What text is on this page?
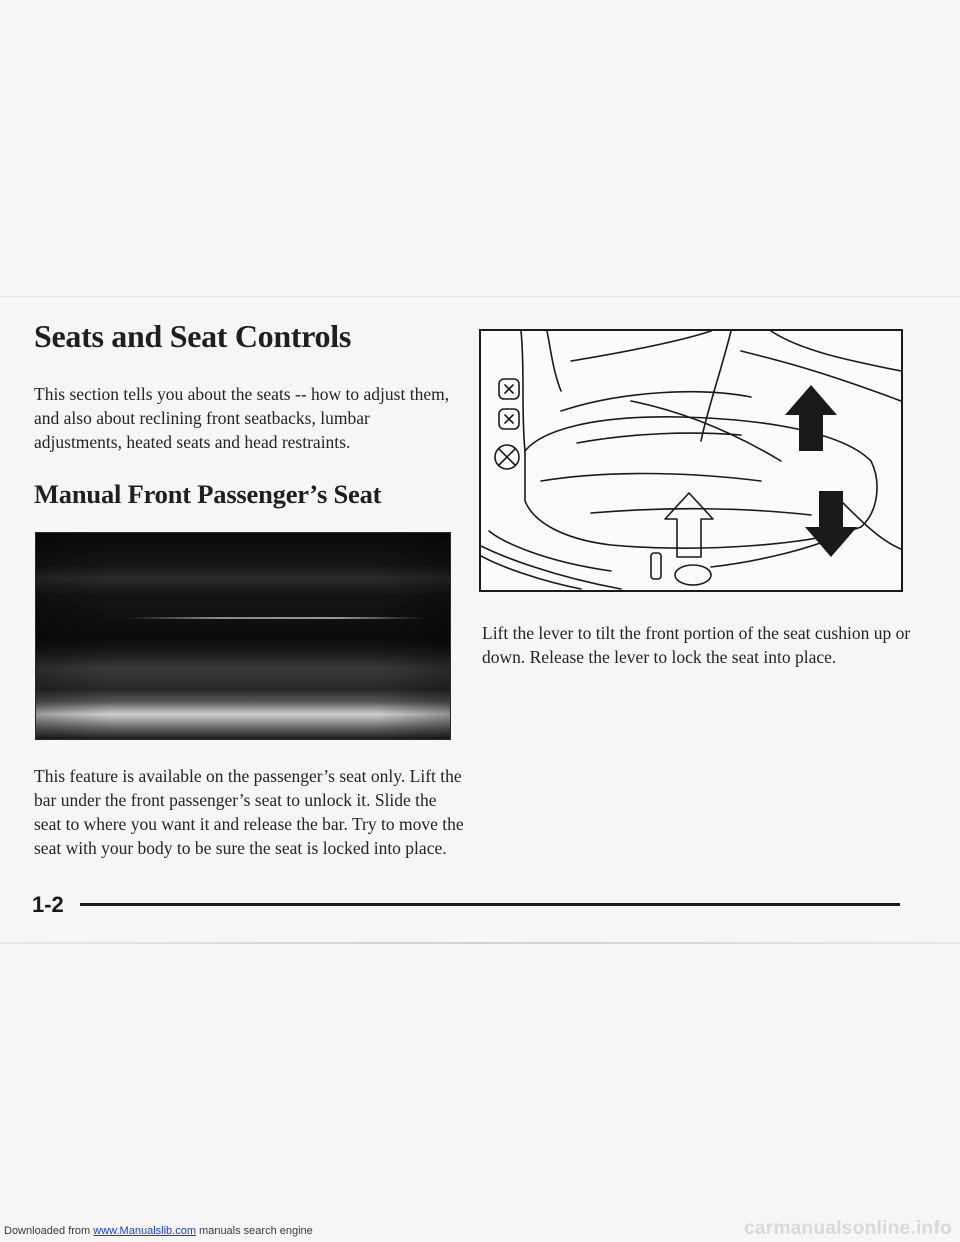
Seats and Seat Controls

This section tells you about the seats -- how to adjust them, and also about reclining front seatbacks, lumbar adjustments, heated seats and head restraints.

Manual Front Passenger’s Seat

This feature is available on the passenger’s seat only. Lift the bar under the front passenger’s seat to unlock it. Slide the seat to where you want it and release the bar. Try to move the seat with your body to be sure the seat is locked into place.

Lift the lever to tilt the front portion of the seat cushion up or down. Release the lever to lock the seat into place.

1-2

Downloaded from www.Manualslib.com manuals search engine	carmanualsonline.info
